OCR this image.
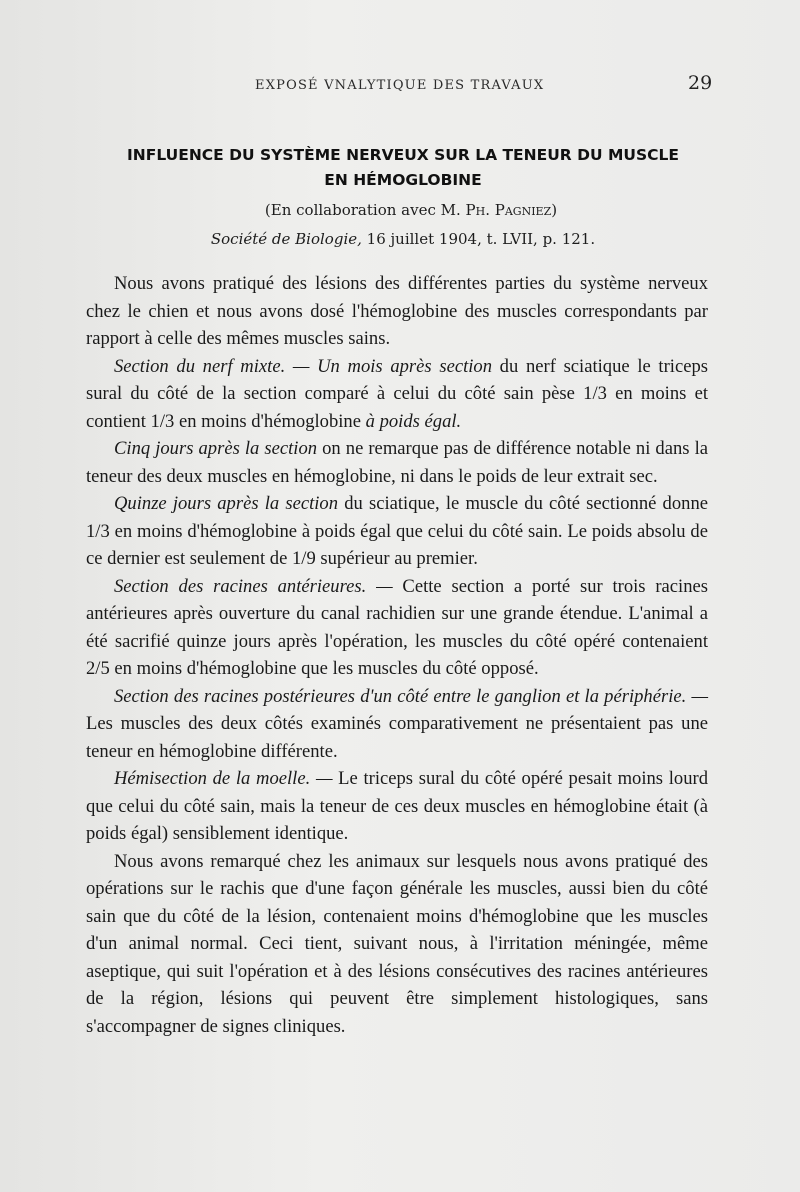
EXPOSÉ VNALYTIQUE DES TRAVAUX	29
INFLUENCE DU SYSTÈME NERVEUX SUR LA TENEUR DU MUSCLE
EN HÉMOGLOBINE
(En collaboration avec M. Ph. Pagniez)
Société de Biologie, 16 juillet 1904, t. LVII, p. 121.

Nous avons pratiqué des lésions des différentes parties du système nerveux chez le chien et nous avons dosé l'hémoglobine des muscles correspondants par rapport à celle des mêmes muscles sains.

Section du nerf mixte. — Un mois après section du nerf sciatique le triceps sural du côté de la section comparé à celui du côté sain pèse 1/3 en moins et contient 1/3 en moins d'hémoglobine à poids égal.

Cinq jours après la section on ne remarque pas de différence notable ni dans la teneur des deux muscles en hémoglobine, ni dans le poids de leur extrait sec.

Quinze jours après la section du sciatique, le muscle du côté sectionné donne 1/3 en moins d'hémoglobine à poids égal que celui du côté sain. Le poids absolu de ce dernier est seulement de 1/9 supérieur au premier.

Section des racines antérieures. — Cette section a porté sur trois racines antérieures après ouverture du canal rachidien sur une grande étendue. L'animal a été sacrifié quinze jours après l'opération, les muscles du côté opéré contenaient 2/5 en moins d'hémoglobine que les muscles du côté opposé.

Section des racines postérieures d'un côté entre le ganglion et la périphérie. — Les muscles des deux côtés examinés comparativement ne présentaient pas une teneur en hémoglobine différente.

Hémisection de la moelle. — Le triceps sural du côté opéré pesait moins lourd que celui du côté sain, mais la teneur de ces deux muscles en hémoglobine était (à poids égal) sensiblement identique.

Nous avons remarqué chez les animaux sur lesquels nous avons pratiqué des opérations sur le rachis que d'une façon générale les muscles, aussi bien du côté sain que du côté de la lésion, contenaient moins d'hémoglobine que les muscles d'un animal normal. Ceci tient, suivant nous, à l'irritation méningée, même aseptique, qui suit l'opération et à des lésions consécutives des racines antérieures de la région, lésions qui peuvent être simplement histologiques, sans s'accompagner de signes cliniques.
